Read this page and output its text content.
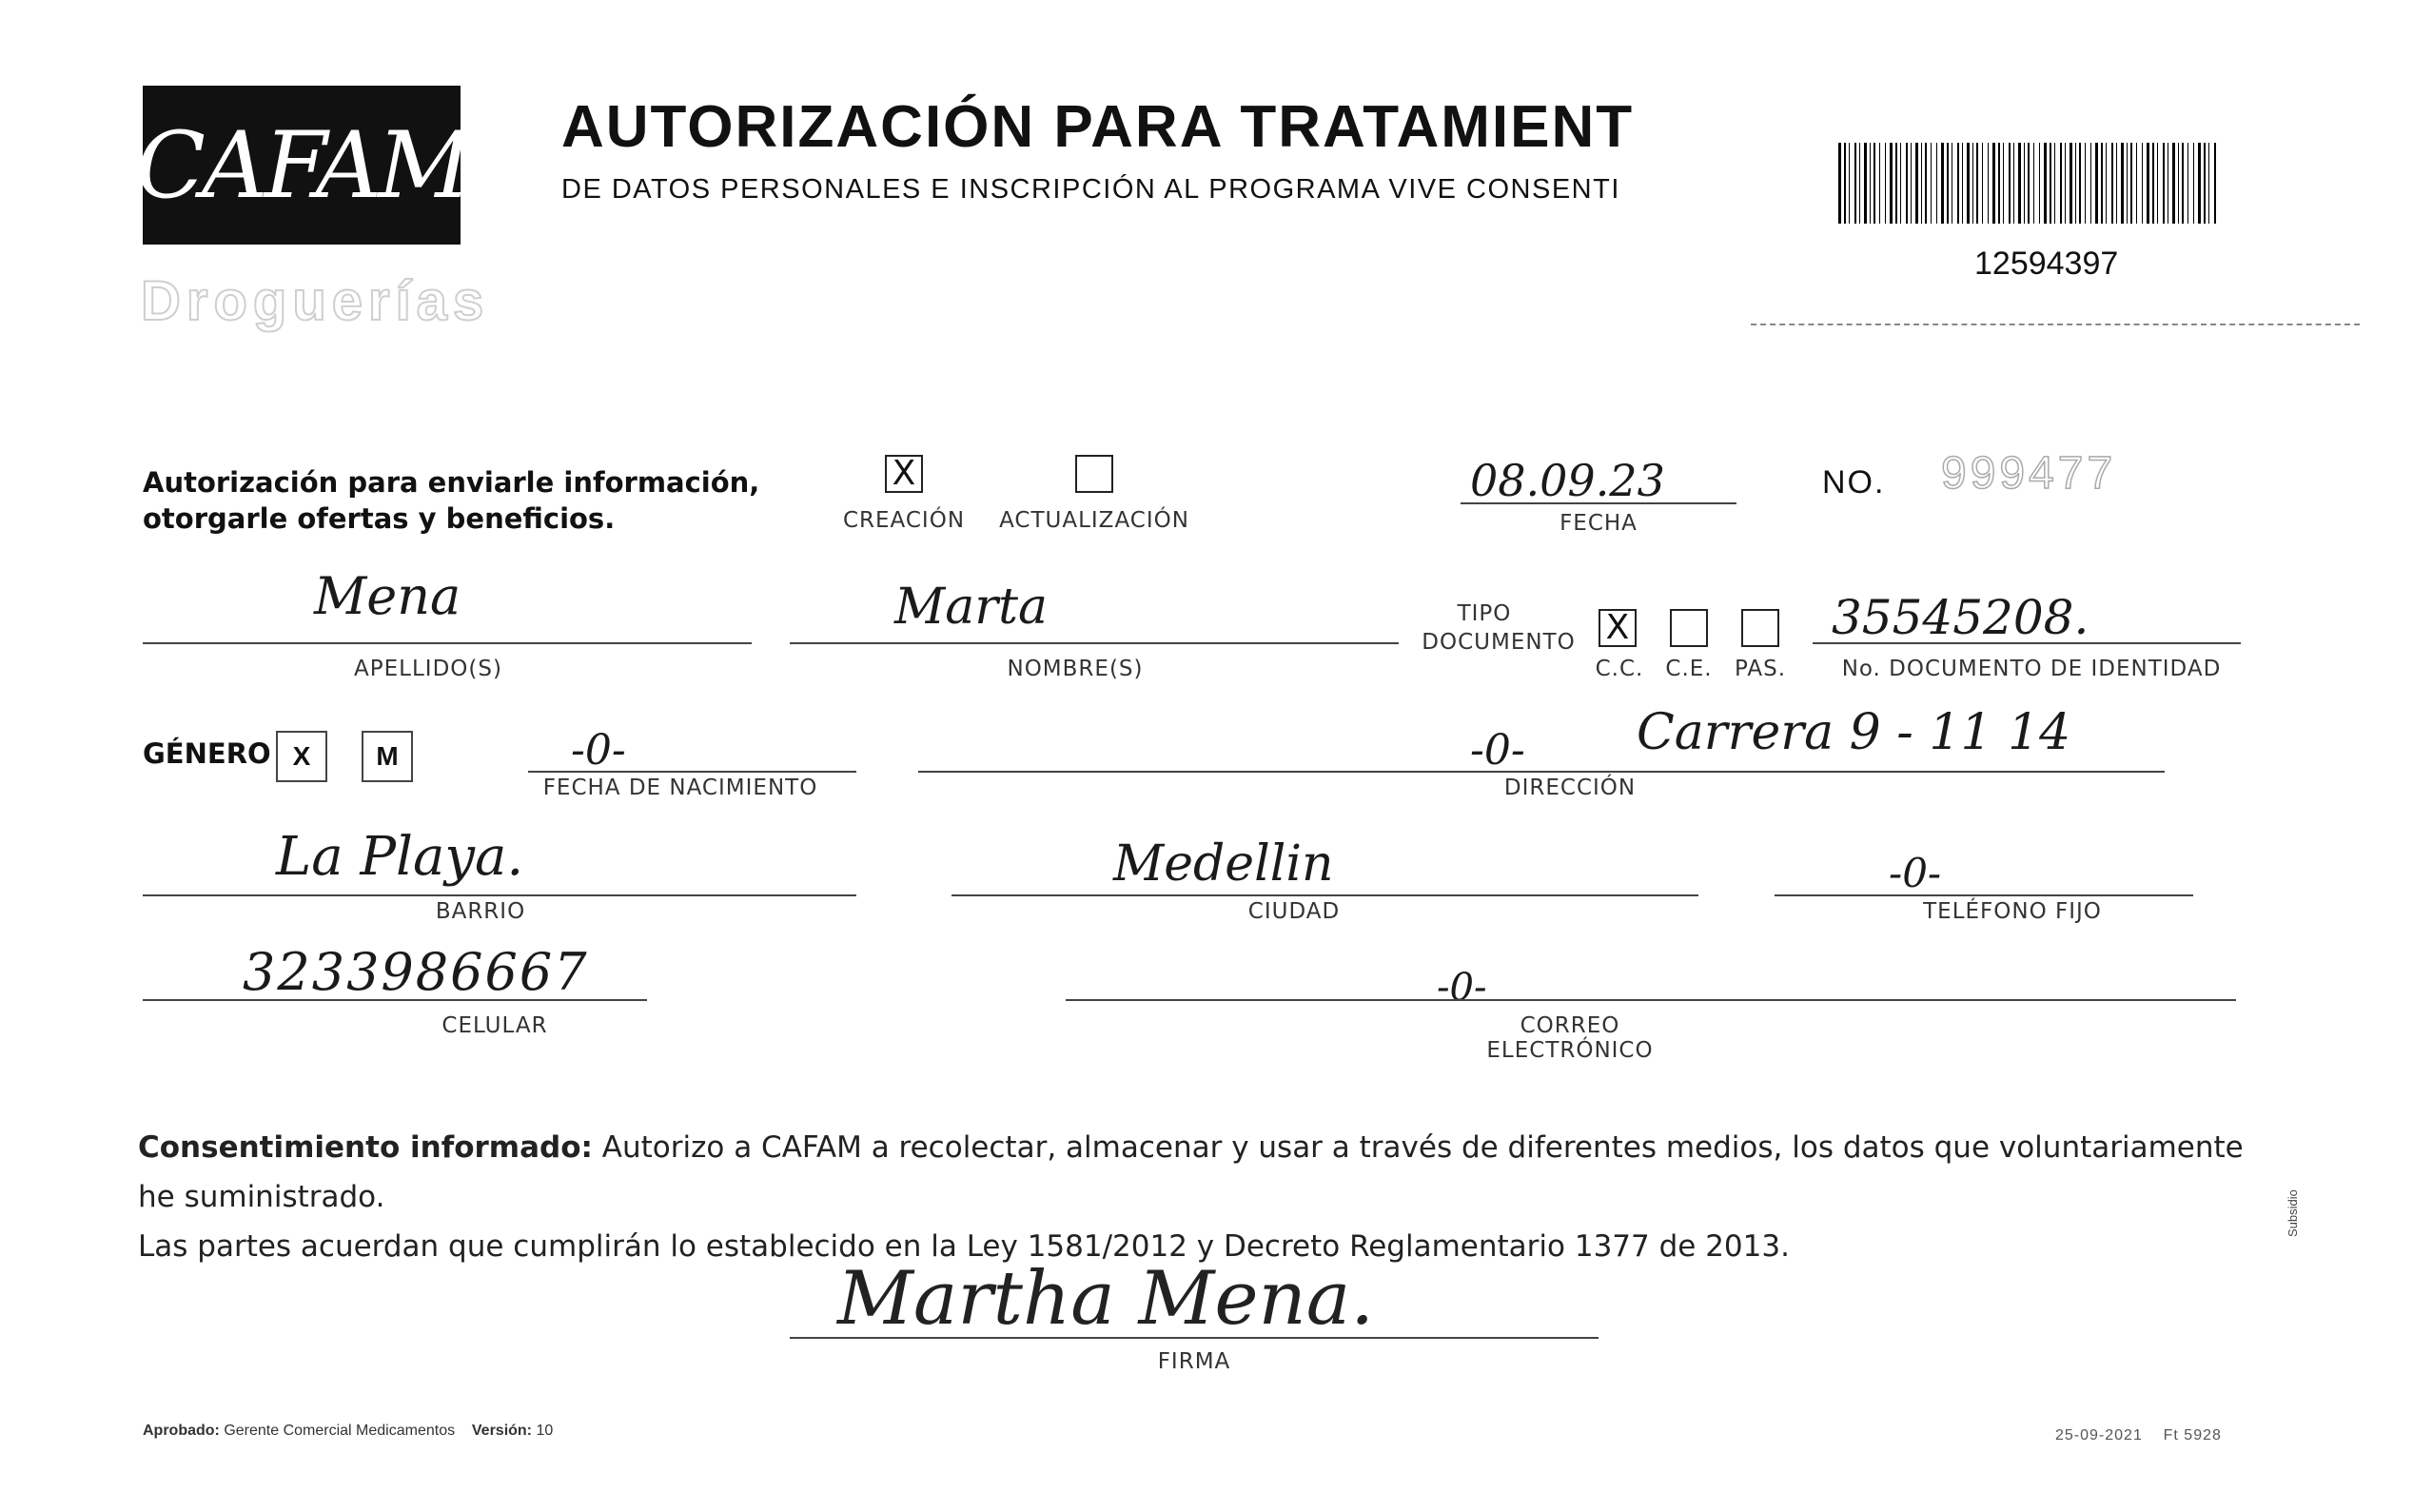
CAFAM
Droguerías
AUTORIZACIÓN PARA TRATAMIENT
DE DATOS PERSONALES E INSCRIPCIÓN AL PROGRAMA VIVE CONSENTI
12594397
Autorización para enviarle información,
otorgarle ofertas y beneficios.
X
CREACIÓN ACTUALIZACIÓN
08.09.23
FECHA
NO. 999477
Mena
APELLIDO(S)
Marta
NOMBRE(S)
TIPO
DOCUMENTO X
C.C. C.E. PAS.
35545208.
No. DOCUMENTO DE IDENTIDAD
GÉNERO X M	-0-
FECHA DE NACIMIENTO
-0- Carrera 9 - 11 14
DIRECCIÓN
La Playa.
BARRIO
Medellin
CIUDAD
-0-
TELÉFONO FIJO
3233986667
CELULAR
-0-
CORREO ELECTRÓNICO
Consentimiento informado: Autorizo a CAFAM a recolectar, almacenar y usar a través de diferentes medios, los datos que voluntariamente he suministrado.
Las partes acuerdan que cumplirán lo establecido en la Ley 1581/2012 y Decreto Reglamentario 1377 de 2013.
Martha Mena.
FIRMA
Aprobado: Gerente Comercial Medicamentos Versión: 10	25-09-2021 Ft 5928
Subsidio
